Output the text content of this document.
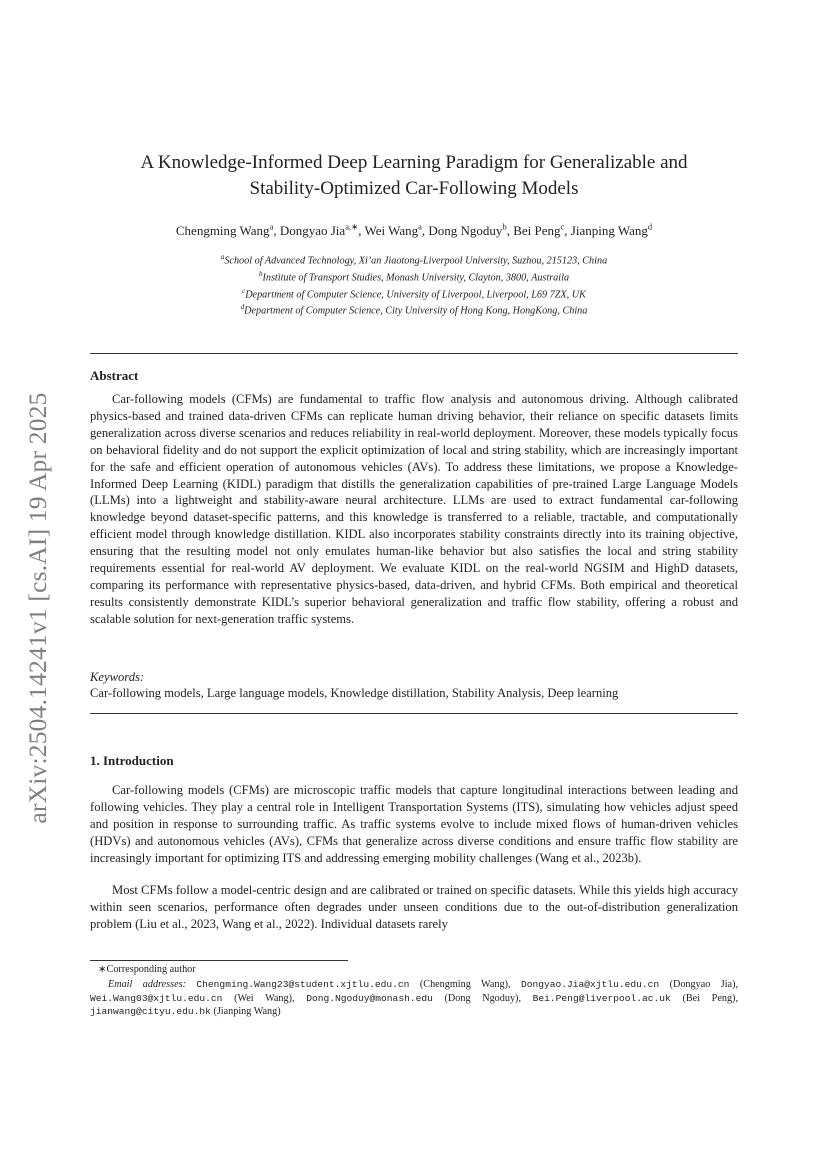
arXiv:2504.14241v1 [cs.AI] 19 Apr 2025
A Knowledge-Informed Deep Learning Paradigm for Generalizable and
Stability-Optimized Car-Following Models
Chengming Wang$^a$, Dongyao Jia$^{a,∗}$, Wei Wang$^a$, Dong Ngoduy$^b$, Bei Peng$^c$, Jianping Wang$^d$
$^a$School of Advanced Technology, Xi’an Jiaotong-Liverpool University, Suzhou, 215123, China
$^b$Institute of Transport Studies, Monash University, Clayton, 3800, Austraila
$^c$Department of Computer Science, University of Liverpool, Liverpool, L69 7ZX, UK
$^d$Department of Computer Science, City University of Hong Kong, HongKong, China
Abstract

Car-following models (CFMs) are fundamental to traffic flow analysis and autonomous driving. Although calibrated physics-based and trained data-driven CFMs can replicate human driving behavior, their reliance on specific datasets limits generalization across diverse scenarios and reduces reliability in real-world deployment. Moreover, these models typically focus on behavioral fidelity and do not support the explicit optimization of local and string stability, which are increasingly important for the safe and efficient operation of autonomous vehicles (AVs). To address these limitations, we propose a Knowledge-Informed Deep Learning (KIDL) paradigm that distills the generalization capabilities of pre-trained Large Language Models (LLMs) into a lightweight and stability-aware neural architecture. LLMs are used to extract fundamental car-following knowledge beyond dataset-specific patterns, and this knowledge is transferred to a reliable, tractable, and computationally efficient model through knowledge distillation. KIDL also incorporates stability constraints directly into its training objective, ensuring that the resulting model not only emulates human-like behavior but also satisfies the local and string stability requirements essential for real-world AV deployment. We evaluate KIDL on the real-world NGSIM and HighD datasets, comparing its performance with representative physics-based, data-driven, and hybrid CFMs. Both empirical and theoretical results consistently demonstrate KIDL’s superior behavioral generalization and traffic flow stability, offering a robust and scalable solution for next-generation traffic systems.

Keywords:
Car-following models, Large language models, Knowledge distillation, Stability Analysis, Deep learning
1. Introduction

Car-following models (CFMs) are microscopic traffic models that capture longitudinal interactions between leading and following vehicles. They play a central role in Intelligent Transportation Systems (ITS), simulating how vehicles adjust speed and position in response to surrounding traffic. As traffic systems evolve to include mixed flows of human-driven vehicles (HDVs) and autonomous vehicles (AVs), CFMs that generalize across diverse conditions and ensure traffic flow stability are increasingly important for optimizing ITS and addressing emerging mobility challenges (Wang et al., 2023b).

Most CFMs follow a model-centric design and are calibrated or trained on specific datasets. While this yields high accuracy within seen scenarios, performance often degrades under unseen conditions due to the out-of-distribution generalization problem (Liu et al., 2023, Wang et al., 2022). Individual datasets rarely

∗Corresponding author

Email addresses: Chengming.Wang23@student.xjtlu.edu.cn (Chengming Wang), Dongyao.Jia@xjtlu.edu.cn (Dongyao Jia), Wei.Wang03@xjtlu.edu.cn (Wei Wang), Dong.Ngoduy@monash.edu (Dong Ngoduy), Bei.Peng@liverpool.ac.uk (Bei Peng), jianwang@cityu.edu.hk (Jianping Wang)
